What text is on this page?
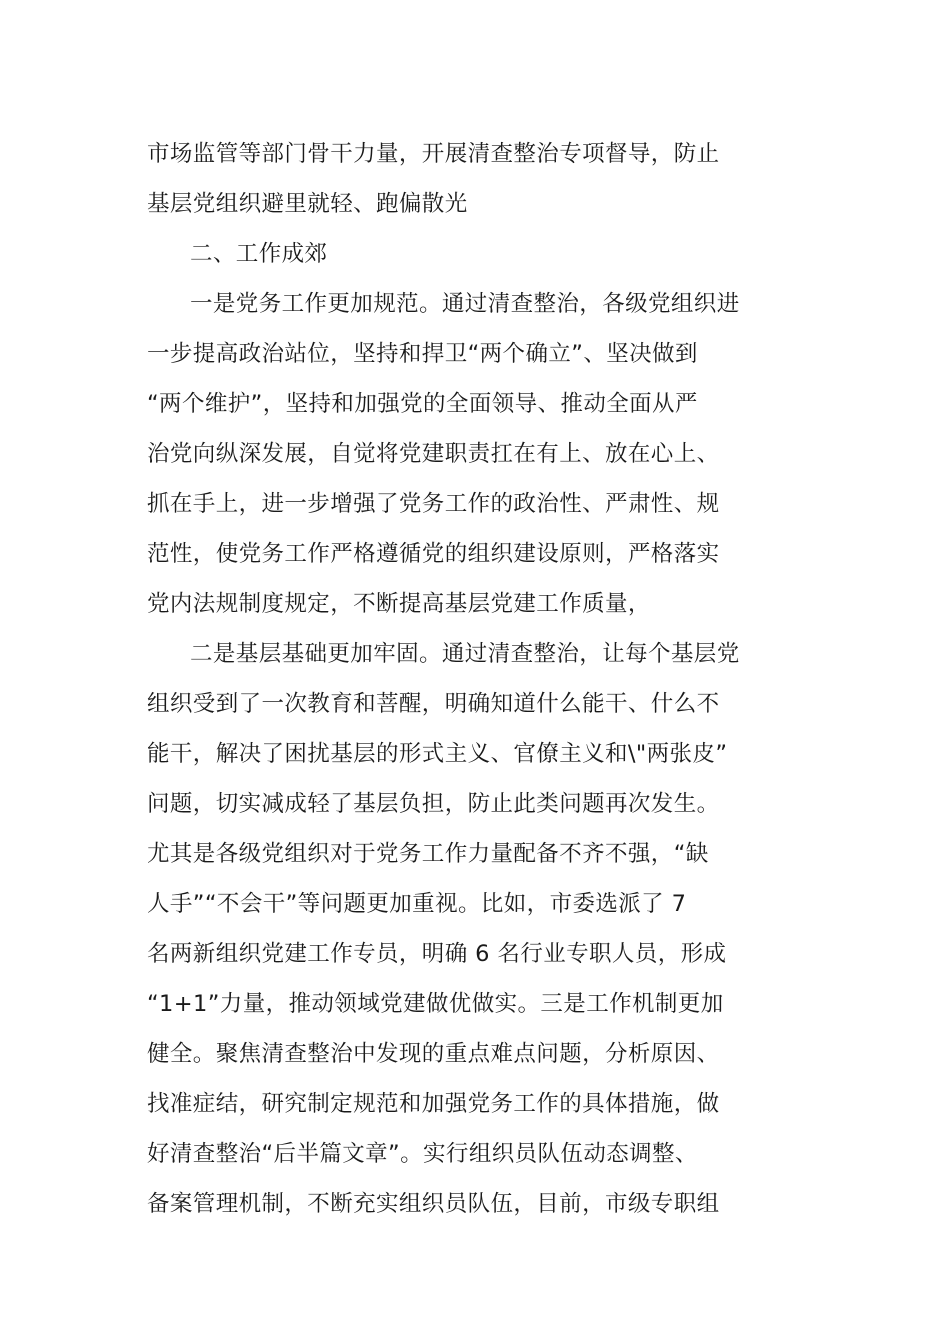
市场监管等部门骨干力量，开展清查整治专项督导，防止
基层党组织避里就轻、跑偏散光
二、工作成郊
一是党务工作更加规范。通过清查整治，各级党组织进
一步提高政治站位，坚持和捍卫“两个确立”、坚决做到
“两个维护”，坚持和加强党的全面领导、推动全面从严
治党向纵深发展，自觉将党建职责扛在有上、放在心上、
抓在手上，进一步增强了党务工作的政治性、严肃性、规
范性，使党务工作严格遵循党的组织建设原则，严格落实
党内法规制度规定，不断提高基层党建工作质量，
二是基层基础更加牢固。通过清查整治，让每个基层党
组织受到了一次教育和菩醒，明确知道什么能干、什么不
能干，解决了困扰基层的形式主义、官僚主义和\"两张皮”
问题，切实减成轻了基层负担，防止此类问题再次发生。
尤其是各级党组织对于党务工作力量配备不齐不强，“缺
人手”“不会干”等问题更加重视。比如，市委选派了 7
名两新组织党建工作专员，明确 6 名行业专职人员，形成
“1+1”力量，推动领域党建做优做实。三是工作机制更加
健全。聚焦清查整治中发现的重点难点问题，分析原因、
找准症结，研究制定规范和加强党务工作的具体措施，做
好清查整治“后半篇文章”。实行组织员队伍动态调整、
备案管理机制，不断充实组织员队伍，目前，市级专职组
